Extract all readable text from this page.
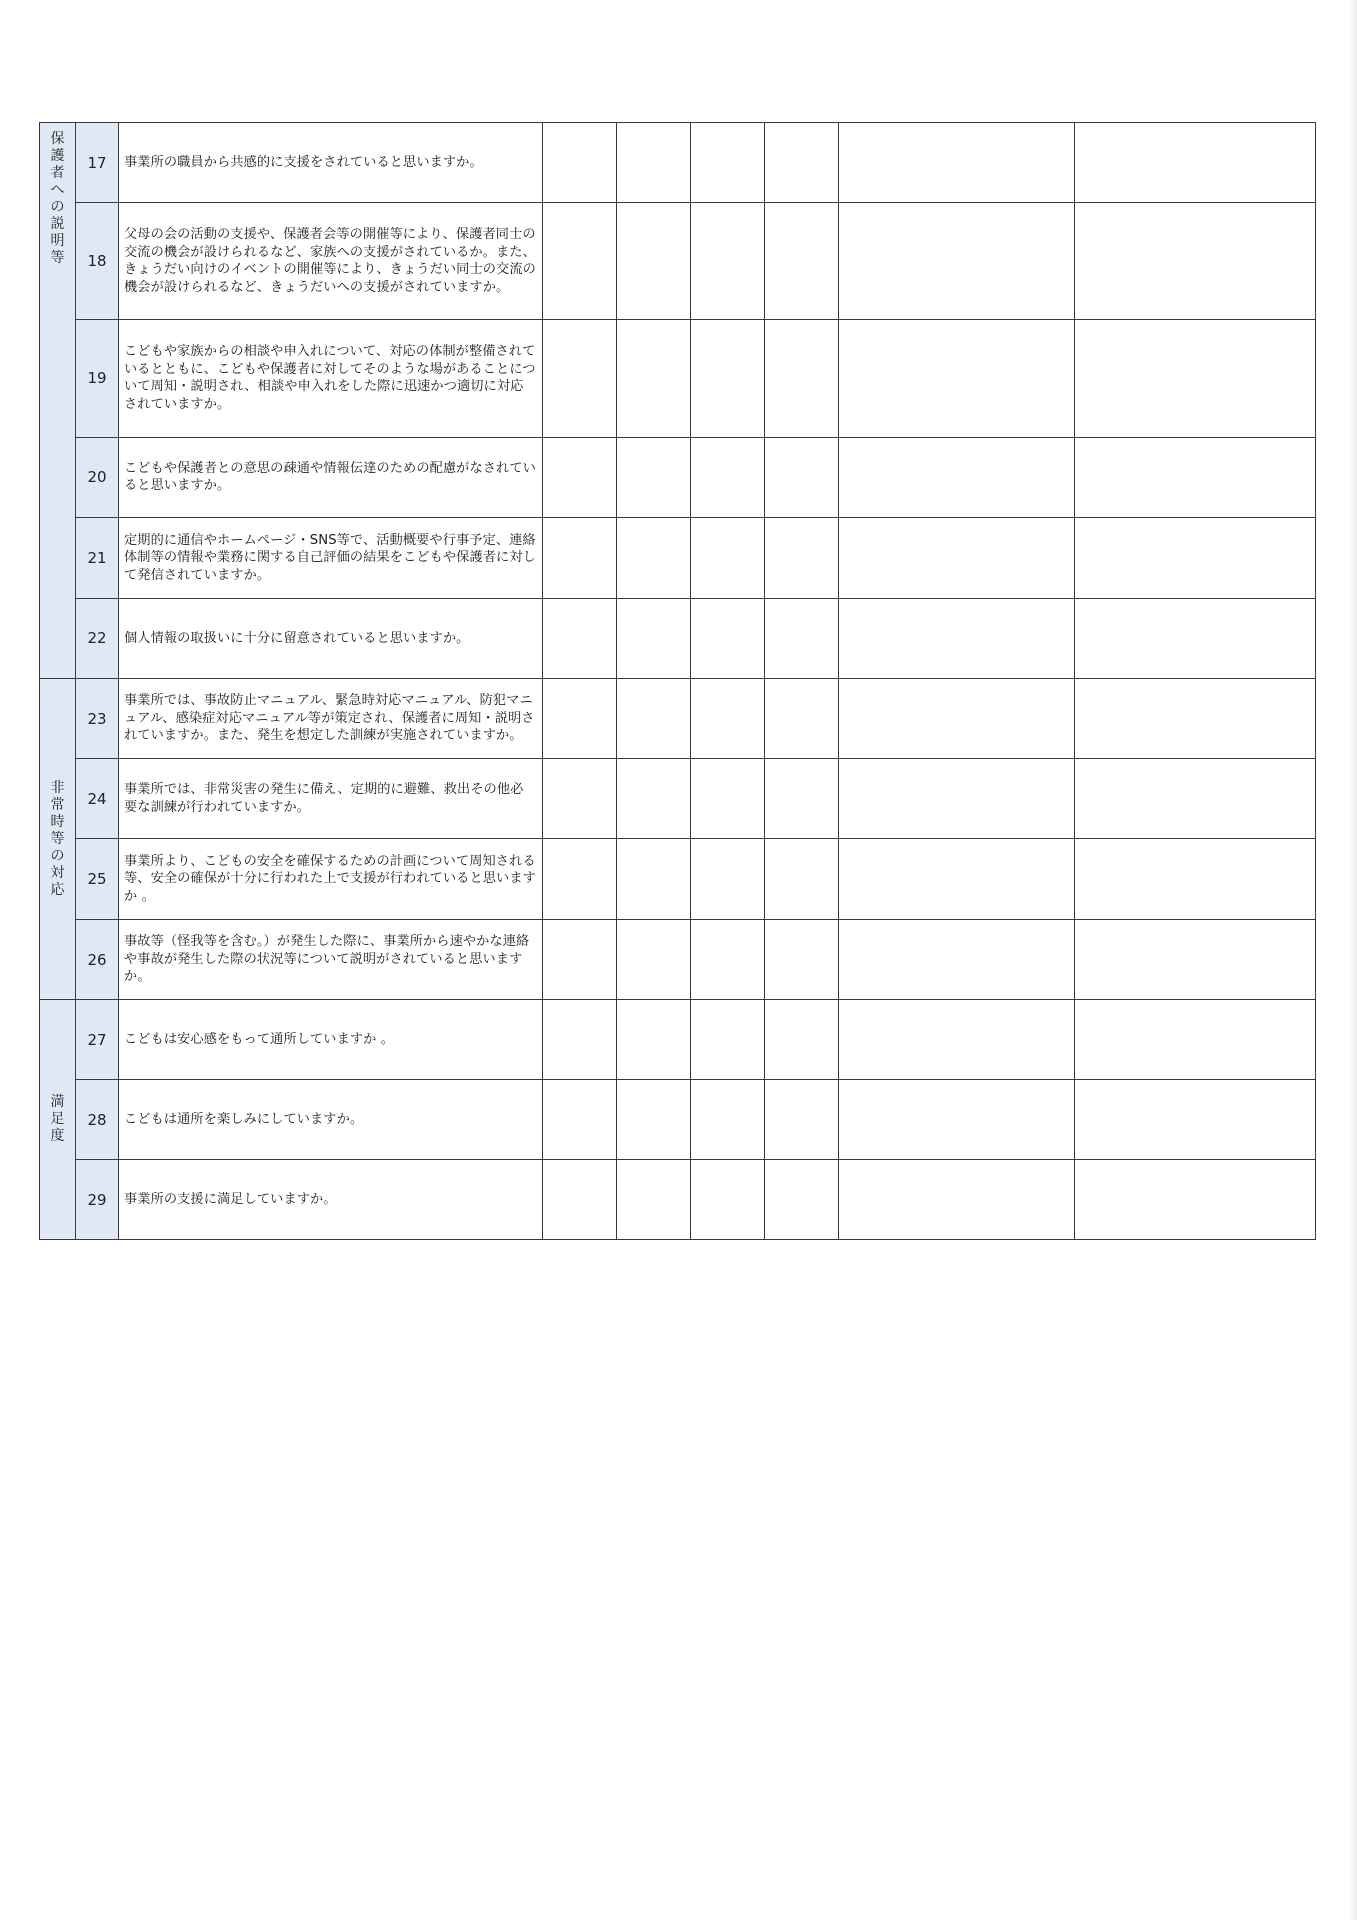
保護者への説明等	17	事業所の職員から共感的に支援をされていると思いますか。						
	18	父母の会の活動の支援や、保護者会等の開催等により、保護者同士の交流の機会が設けられるなど、家族への支援がされているか。また、きょうだい向けのイベントの開催等により、きょうだい同士の交流の機会が設けられるなど、きょうだいへの支援がされていますか。						
	19	こどもや家族からの相談や申入れについて、対応の体制が整備されているとともに、こどもや保護者に対してそのような場があることについて周知・説明され、相談や申入れをした際に迅速かつ適切に対応されていますか。						
	20	こどもや保護者との意思の疎通や情報伝達のための配慮がなされていると思いますか。						
	21	定期的に通信やホームページ・SNS等で、活動概要や行事予定、連絡体制等の情報や業務に関する自己評価の結果をこどもや保護者に対して発信されていますか。						
	22	個人情報の取扱いに十分に留意されていると思いますか。						

非常時等の対応	23	事業所では、事故防止マニュアル、緊急時対応マニュアル、防犯マニュアル、感染症対応マニュアル等が策定され、保護者に周知・説明されていますか。また、発生を想定した訓練が実施されていますか。						
	24	事業所では、非常災害の発生に備え、定期的に避難、救出その他必要な訓練が行われていますか。						
	25	事業所より、こどもの安全を確保するための計画について周知される等、安全の確保が十分に行われた上で支援が行われていると思いますか 。						
	26	事故等（怪我等を含む。）が発生した際に、事業所から速やかな連絡や事故が発生した際の状況等について説明がされていると思いますか。						

満足度	27	こどもは安心感をもって通所していますか 。						
	28	こどもは通所を楽しみにしていますか。						
	29	事業所の支援に満足していますか。						
